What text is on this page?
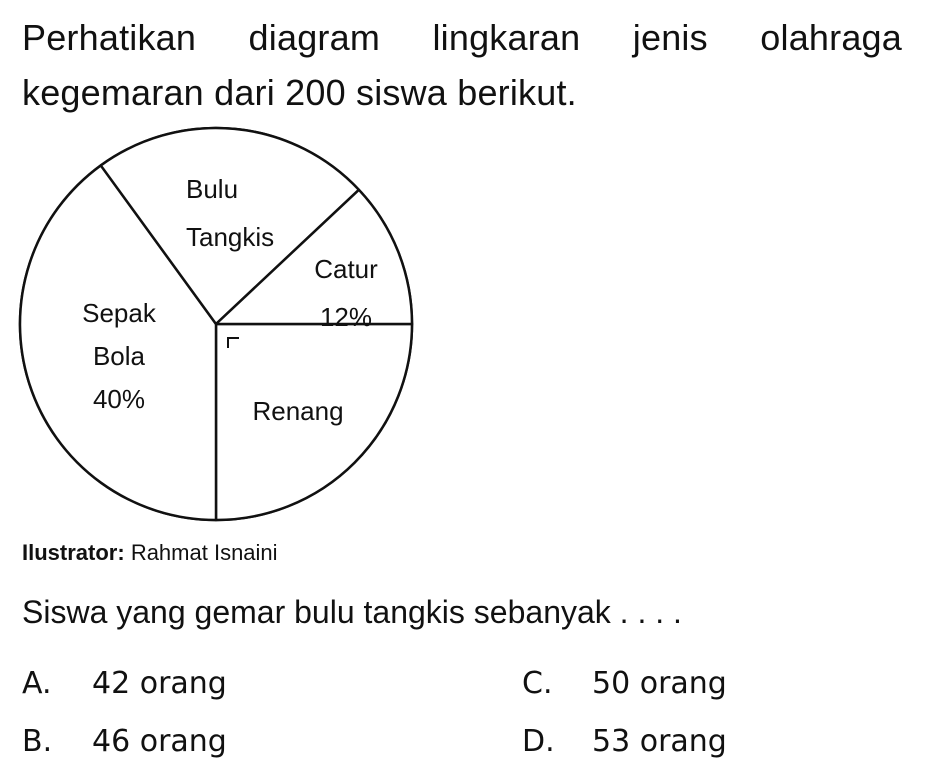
Perhatikan diagram lingkaran jenis olahraga kegemaran dari 200 siswa berikut.

Bulu Tangkis
Catur 12%
Sepak Bola 40%	Renang

Ilustrator: Rahmat Isnaini

Siswa yang gemar bulu tangkis sebanyak . . . .

A.	42 orang
B.	46 orang
C.	50 orang
D.	53 orang
